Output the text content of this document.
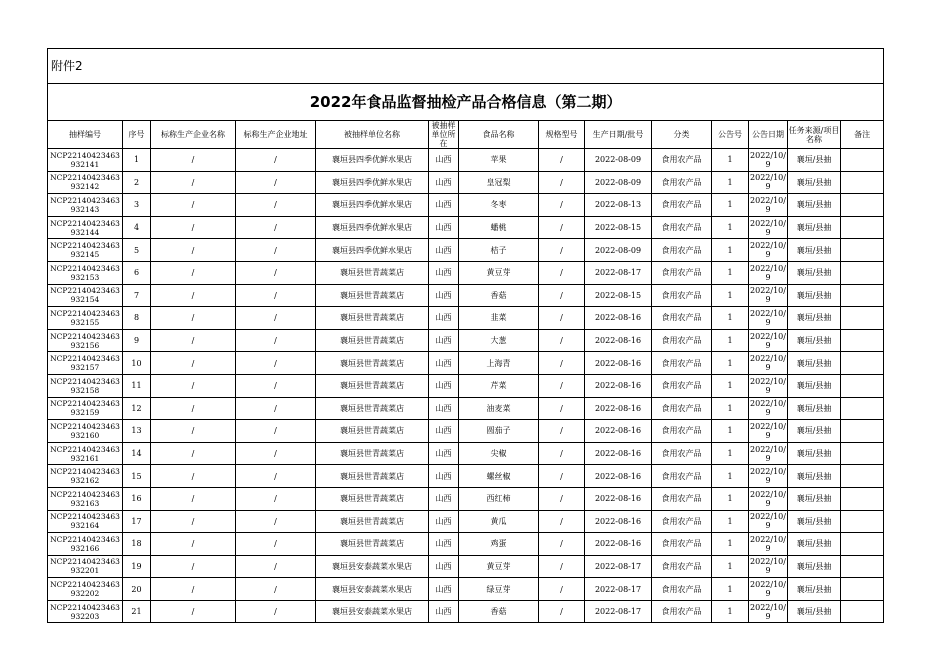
附件2													
2022年食品监督抽检产品合格信息（第二期）													
抽样编号	序号	标称生产企业名称	标称生产企业地址	被抽样单位名称	被抽样单位所在	食品名称	规格型号	生产日期/批号	分类	公告号	公告日期	任务来源/项目名称	备注
NCP22140423463932141	1	/	/	襄垣县四季优鲜水果店	山西	苹果	/	2022-08-09	食用农产品	1	2022/10/9	襄垣/县抽	
NCP22140423463932142	2	/	/	襄垣县四季优鲜水果店	山西	皇冠梨	/	2022-08-09	食用农产品	1	2022/10/9	襄垣/县抽	
NCP22140423463932143	3	/	/	襄垣县四季优鲜水果店	山西	冬枣	/	2022-08-13	食用农产品	1	2022/10/9	襄垣/县抽	
NCP22140423463932144	4	/	/	襄垣县四季优鲜水果店	山西	蟠桃	/	2022-08-15	食用农产品	1	2022/10/9	襄垣/县抽	
NCP22140423463932145	5	/	/	襄垣县四季优鲜水果店	山西	桔子	/	2022-08-09	食用农产品	1	2022/10/9	襄垣/县抽	
NCP22140423463932153	6	/	/	襄垣县世青蔬菜店	山西	黄豆芽	/	2022-08-17	食用农产品	1	2022/10/9	襄垣/县抽	
NCP22140423463932154	7	/	/	襄垣县世青蔬菜店	山西	香菇	/	2022-08-15	食用农产品	1	2022/10/9	襄垣/县抽	
NCP22140423463932155	8	/	/	襄垣县世青蔬菜店	山西	韭菜	/	2022-08-16	食用农产品	1	2022/10/9	襄垣/县抽	
NCP22140423463932156	9	/	/	襄垣县世青蔬菜店	山西	大葱	/	2022-08-16	食用农产品	1	2022/10/9	襄垣/县抽	
NCP22140423463932157	10	/	/	襄垣县世青蔬菜店	山西	上海青	/	2022-08-16	食用农产品	1	2022/10/9	襄垣/县抽	
NCP22140423463932158	11	/	/	襄垣县世青蔬菜店	山西	芹菜	/	2022-08-16	食用农产品	1	2022/10/9	襄垣/县抽	
NCP22140423463932159	12	/	/	襄垣县世青蔬菜店	山西	油麦菜	/	2022-08-16	食用农产品	1	2022/10/9	襄垣/县抽	
NCP22140423463932160	13	/	/	襄垣县世青蔬菜店	山西	圆茄子	/	2022-08-16	食用农产品	1	2022/10/9	襄垣/县抽	
NCP22140423463932161	14	/	/	襄垣县世青蔬菜店	山西	尖椒	/	2022-08-16	食用农产品	1	2022/10/9	襄垣/县抽	
NCP22140423463932162	15	/	/	襄垣县世青蔬菜店	山西	螺丝椒	/	2022-08-16	食用农产品	1	2022/10/9	襄垣/县抽	
NCP22140423463932163	16	/	/	襄垣县世青蔬菜店	山西	西红柿	/	2022-08-16	食用农产品	1	2022/10/9	襄垣/县抽	
NCP22140423463932164	17	/	/	襄垣县世青蔬菜店	山西	黄瓜	/	2022-08-16	食用农产品	1	2022/10/9	襄垣/县抽	
NCP22140423463932166	18	/	/	襄垣县世青蔬菜店	山西	鸡蛋	/	2022-08-16	食用农产品	1	2022/10/9	襄垣/县抽	
NCP22140423463932201	19	/	/	襄垣县安泰蔬菜水果店	山西	黄豆芽	/	2022-08-17	食用农产品	1	2022/10/9	襄垣/县抽	
NCP22140423463932202	20	/	/	襄垣县安泰蔬菜水果店	山西	绿豆芽	/	2022-08-17	食用农产品	1	2022/10/9	襄垣/县抽	
NCP22140423463932203	21	/	/	襄垣县安泰蔬菜水果店	山西	香菇	/	2022-08-17	食用农产品	1	2022/10/9	襄垣/县抽	
